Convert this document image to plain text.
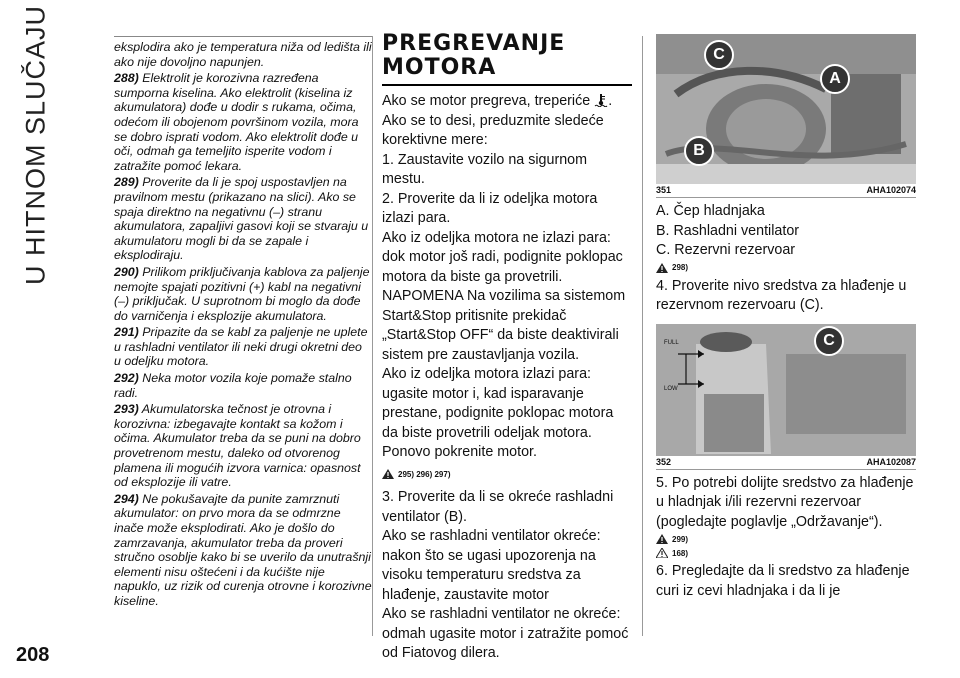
U HITNOM SLUČAJU	eksplodira ako je temperatura niža od ledišta ili ako nije dovoljno napunjen.

288) Elektrolit je korozivna razređena sumporna kiselina. Ako elektrolit (kiselina iz akumulatora) dođe u dodir s rukama, očima, odećom ili obojenom površinom vozila, mora se dobro isprati vodom. Ako elektrolit dođe u oči, odmah ga temeljito isperite vodom i zatražite pomoć lekara.

289) Proverite da li je spoj uspostavljen na pravilnom mestu (prikazano na slici). Ako se spaja direktno na negativnu (–) stranu akumulatora, zapaljivi gasovi koji se stvaraju u akumulatoru mogli bi da se zapale i eksplodiraju.

290) Prilikom priključivanja kablova za paljenje nemojte spajati pozitivni (+) kabl na negativni (–) priključak. U suprotnom bi moglo da dođe do varničenja i eksplozije akumulatora.

291) Pripazite da se kabl za paljenje ne uplete u rashladni ventilator ili neki drugi okretni deo u odeljku motora.

292) Neka motor vozila koje pomaže stalno radi.

293) Akumulatorska tečnost je otrovna i korozivna: izbegavajte kontakt sa kožom i očima. Akumulator treba da se puni na dobro provetrenom mestu, daleko od otvorenog plamena ili mogućih izvora varnica: opasnost od eksplozije ili vatre.

294) Ne pokušavajte da punite zamrznuti akumulator: on prvo mora da se odmrzne inače može eksplodirati. Ako je došlo do zamrzavanja, akumulator treba da proveri stručno osoblje kako bi se uverilo da unutrašnji elementi nisu oštećeni i da kućište nije napuklo, uz rizik od curenja otrovne i korozivne kiseline.

PREGREVANJE
MOTORA

Ako se motor pregreva, treperiće .

Ako se to desi, preduzmite sledeće korektivne mere:

1. Zaustavite vozilo na sigurnom mestu.

2. Proverite da li iz odeljka motora izlazi para.

Ako iz odeljka motora ne izlazi para: dok motor još radi, podignite poklopac motora da biste ga provetrili.

NAPOMENA Na vozilima sa sistemom Start&Stop pritisnite prekidač „Start&Stop OFF“ da biste deaktivirali sistem pre zaustavljanja vozila.

Ako iz odeljka motora izlazi para: ugasite motor i, kad isparavanje prestane, podignite poklopac motora da biste provetrili odeljak motora. Ponovo pokrenite motor.

295) 296) 297)

3. Proverite da li se okreće rashladni ventilator (B).

Ako se rashladni ventilator okreće: nakon što se ugasi upozorenja na visoku temperaturu sredstva za hlađenje, zaustavite motor

Ako se rashladni ventilator ne okreće: odmah ugasite motor i zatražite pomoć od Fiatovog dilera.

C
A
B
351	AHA102074

A. Čep hladnjaka

B. Rashladni ventilator

C. Rezervni rezervoar

298)

4. Proverite nivo sredstva za hlađenje u rezervnom rezervoaru (C).

FULL
LOW
C
352	AHA102087

5. Po potrebi dolijte sredstvo za hlađenje u hladnjak i/ili rezervni rezervoar (pogledajte poglavlje „Održavanje“).

299)
168)

6. Pregledajte da li sredstvo za hlađenje curi iz cevi hladnjaka i da li je

208
